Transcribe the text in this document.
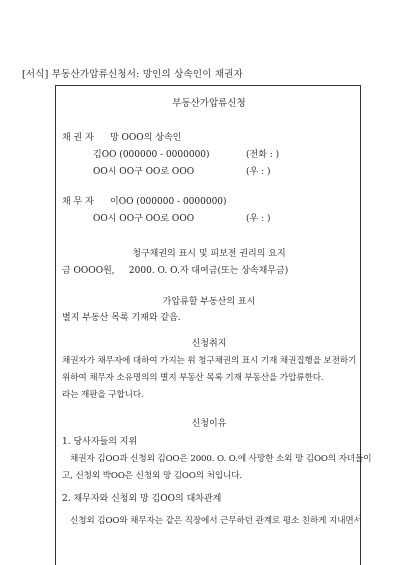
[서식] 부동산가압류신청서: 망인의 상속인이 채권자
부동산가압류신청
채 권 자 망 OOO의 상속인
김OO (000000 - 0000000)	(전화 : )
OO시 OO구 OO로 OOO	(우 : )
채 무 자 이OO (000000 - 0000000)
OO시 OO구 OO로 OOO	(우 : )
청구채권의 표시 및 피보전 권리의 요지
금 OOOO원,     2000. O. O.자 대여금(또는 상속채무금)
가압류할 부동산의 표시
별지 부동산 목록 기재와 같음.
신청취지
채권자가 채무자에 대하여 가지는 위 청구채권의 표시 기재 채권집행을 보전하기
위하여 채무자 소유명의의 별지 부동산 목록 기재 부동산을 가압류한다.
라는 재판을 구합니다.
신청이유
1. 당사자들의 지위
채권자 김OO과 신청외 김OO은 2000. O. O.에 사망한 소외 망 김OO의 자녀들이
고, 신청외 박OO은 신청외 망 김OO의 처입니다.
2. 채무자와 신청외 망 김OO의 대차관계
신청외 김OO와 채무자는 같은 직장에서 근무하던 관계로 평소 친하게 지내면서
